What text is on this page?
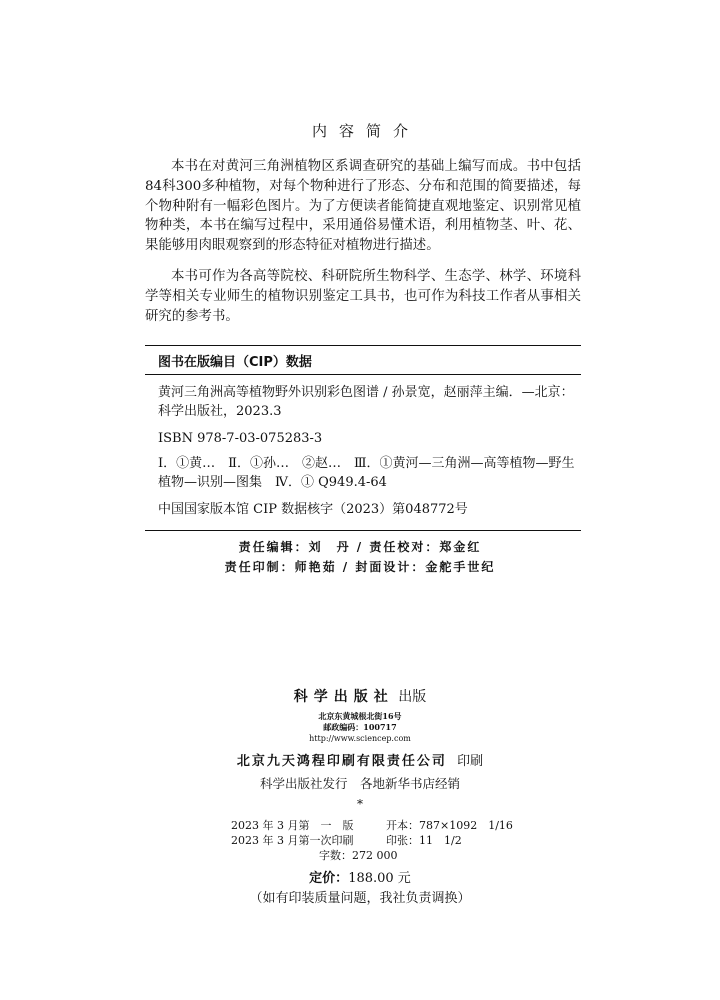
内容简介

本书在对黄河三角洲植物区系调查研究的基础上编写而成。书中包括84科300多种植物，对每个物种进行了形态、分布和范围的简要描述，每个物种附有一幅彩色图片。为了方便读者能简捷直观地鉴定、识别常见植物种类，本书在编写过程中，采用通俗易懂术语，利用植物茎、叶、花、果能够用肉眼观察到的形态特征对植物进行描述。

本书可作为各高等院校、科研院所生物科学、生态学、林学、环境科学等相关专业师生的植物识别鉴定工具书，也可作为科技工作者从事相关研究的参考书。

图书在版编目（CIP）数据
黄河三角洲高等植物野外识别彩色图谱 / 孙景宽，赵丽萍主编．—北京：科学出版社，2023.3
ISBN 978-7-03-075283-3
Ⅰ．①黄…　Ⅱ．①孙…　②赵…　Ⅲ．①黄河—三角洲—高等植物—野生植物—识别—图集　Ⅳ．① Q949.4-64
中国国家版本馆 CIP 数据核字（2023）第048772号
责任编辑：刘　丹 / 责任校对：郑金红
责任印制：师艳茹 / 封面设计：金舵手世纪
科学出版社 出版
北京东黄城根北街16号
邮政编码：100717
http://www.sciencep.com
北京九天鸿程印刷有限责任公司 印刷
科学出版社发行　各地新华书店经销
*
2023 年 3 月第　一　版	开本：787×1092　1/16
2023 年 3 月第一次印刷	印张：11　1/2
字数：272 000
定价：188.00 元
（如有印装质量问题，我社负责调换）
